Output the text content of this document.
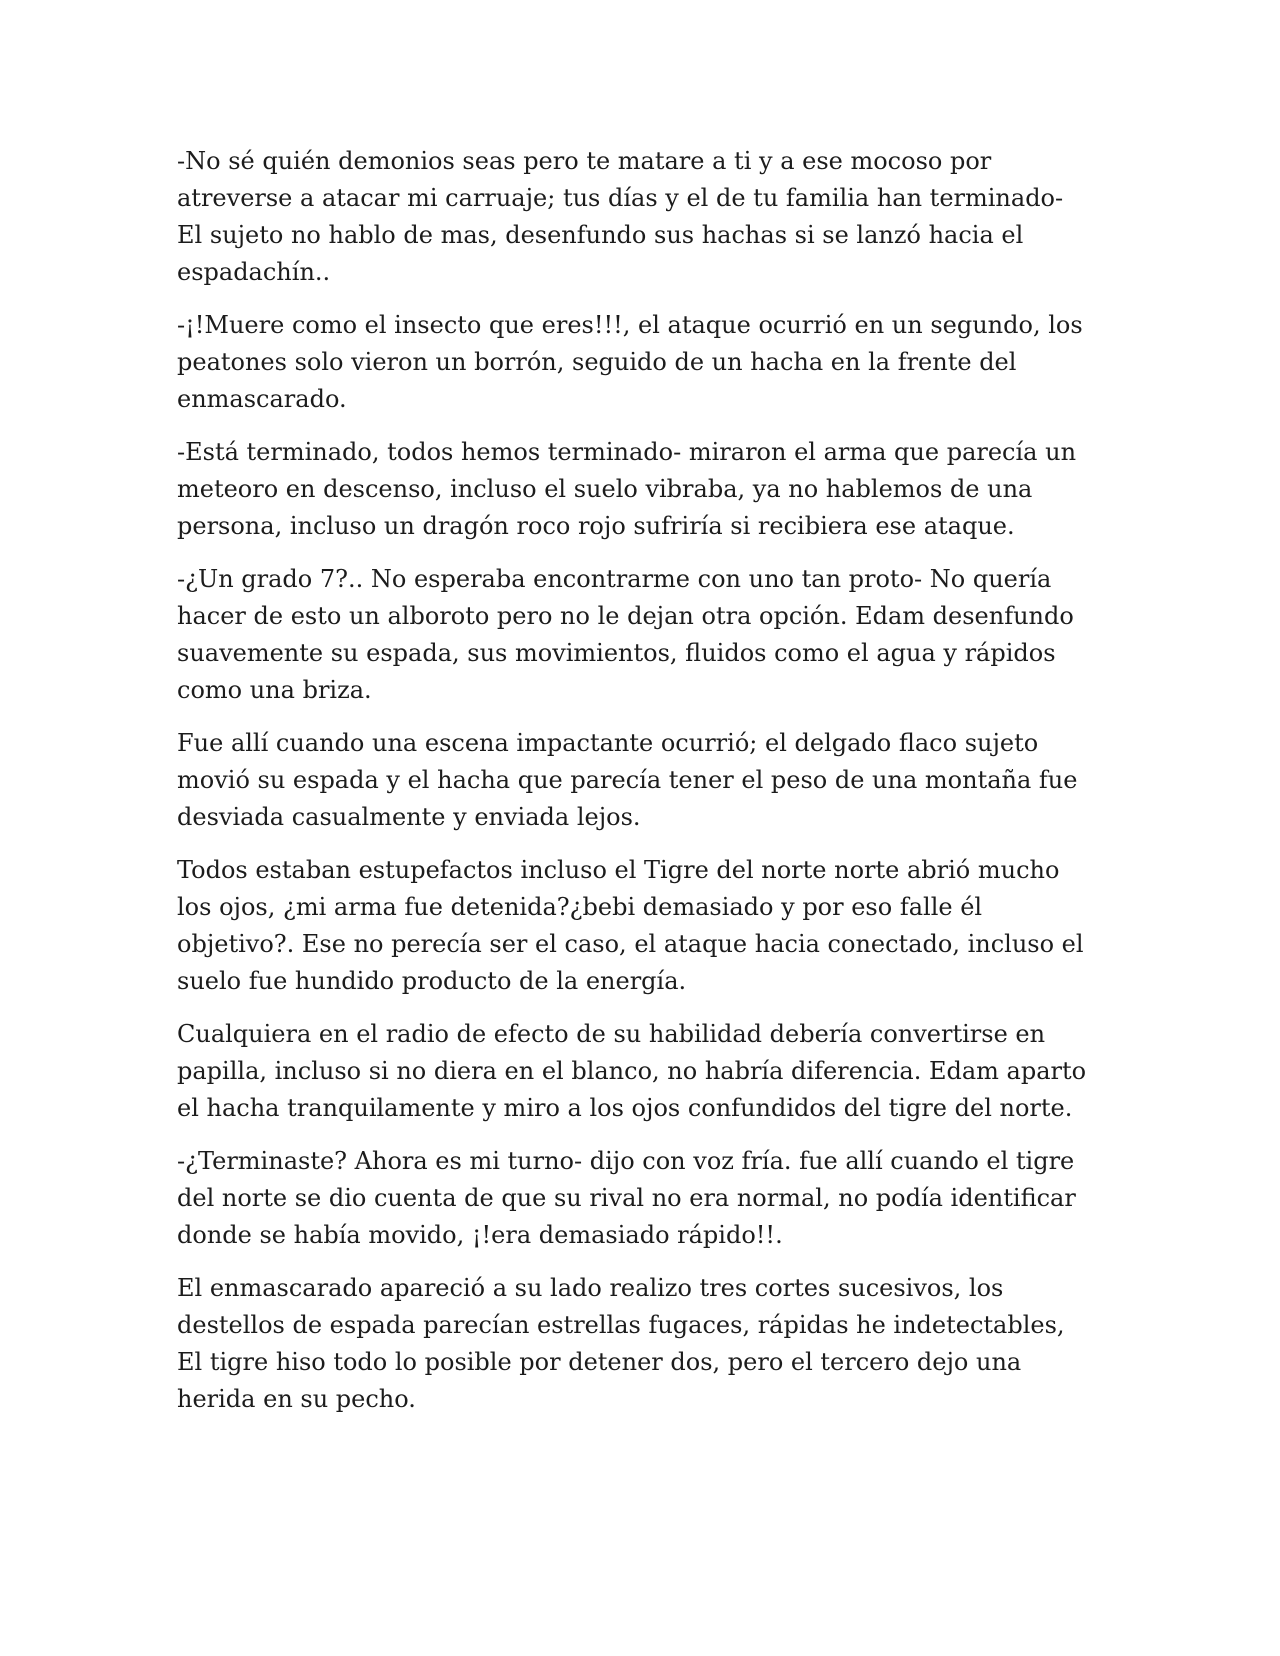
-No sé quién demonios seas pero te matare a ti y a ese mocoso por
atreverse a atacar mi carruaje; tus días y el de tu familia han terminado-
El sujeto no hablo de mas, desenfundo sus hachas si se lanzó hacia el
espadachín..

-¡!Muere como el insecto que eres!!!, el ataque ocurrió en un segundo, los
peatones solo vieron un borrón, seguido de un hacha en la frente del
enmascarado.

-Está terminado, todos hemos terminado- miraron el arma que parecía un
meteoro en descenso, incluso el suelo vibraba, ya no hablemos de una
persona, incluso un dragón roco rojo sufriría si recibiera ese ataque.

-¿Un grado 7?.. No esperaba encontrarme con uno tan proto- No quería
hacer de esto un alboroto pero no le dejan otra opción. Edam desenfundo
suavemente su espada, sus movimientos, fluidos como el agua y rápidos
como una briza.

Fue allí cuando una escena impactante ocurrió; el delgado flaco sujeto
movió su espada y el hacha que parecía tener el peso de una montaña fue
desviada casualmente y enviada lejos.

Todos estaban estupefactos incluso el Tigre del norte norte abrió mucho
los ojos, ¿mi arma fue detenida?¿bebi demasiado y por eso falle él
objetivo?. Ese no perecía ser el caso, el ataque hacia conectado, incluso el
suelo fue hundido producto de la energía.

Cualquiera en el radio de efecto de su habilidad debería convertirse en
papilla, incluso si no diera en el blanco, no habría diferencia. Edam aparto
el hacha tranquilamente y miro a los ojos confundidos del tigre del norte.

-¿Terminaste? Ahora es mi turno- dijo con voz fría. fue allí cuando el tigre
del norte se dio cuenta de que su rival no era normal, no podía identificar
donde se había movido, ¡!era demasiado rápido!!.

El enmascarado apareció a su lado realizo tres cortes sucesivos, los
destellos de espada parecían estrellas fugaces, rápidas he indetectables,
El tigre hiso todo lo posible por detener dos, pero el tercero dejo una
herida en su pecho.
